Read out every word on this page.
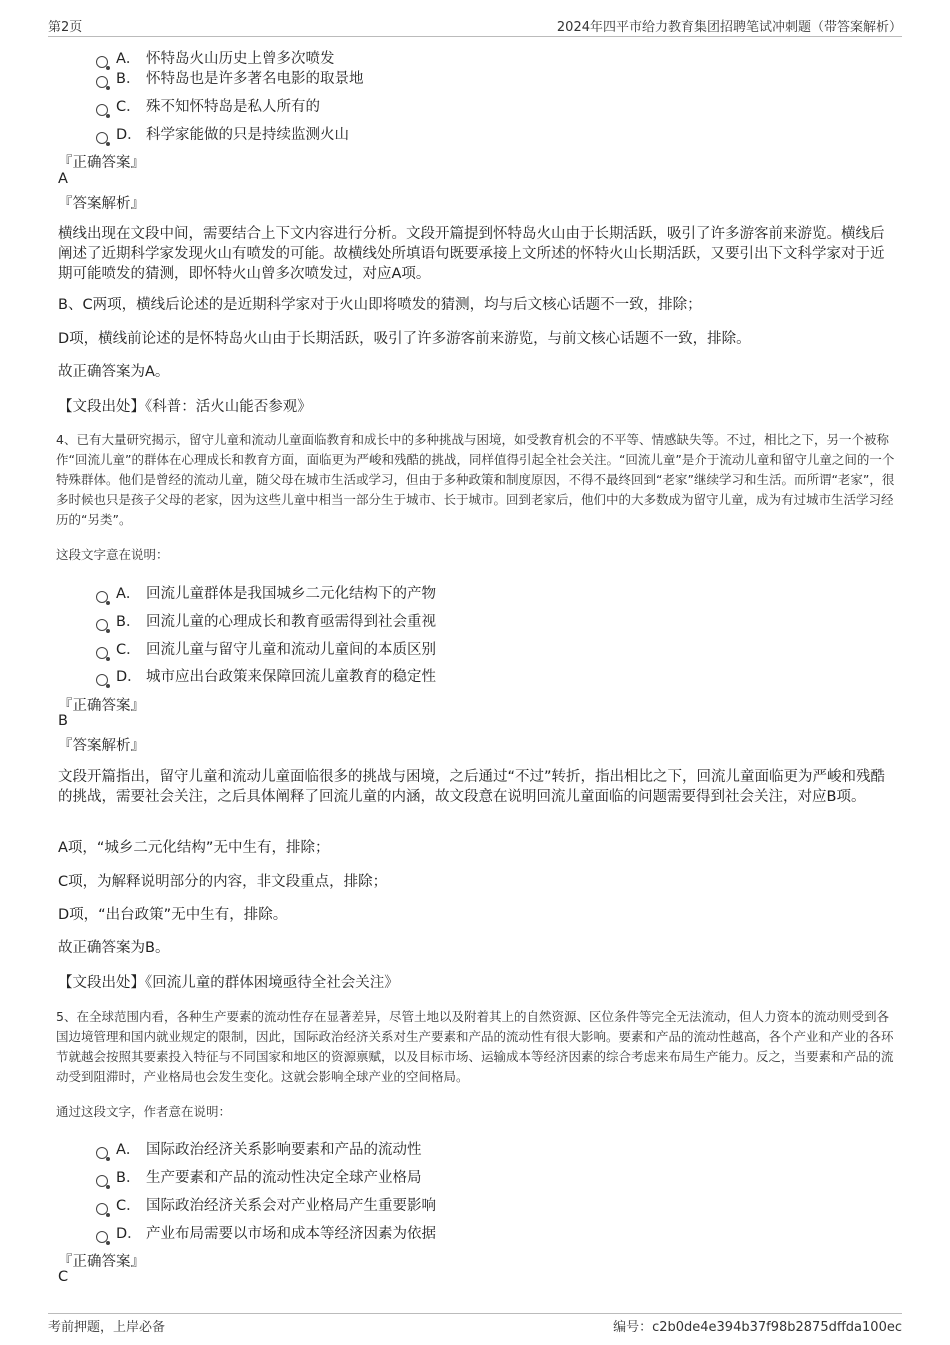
第2页	2024年四平市给力教育集团招聘笔试冲刺题（带答案解析）
A． 怀特岛火山历史上曾多次喷发
B． 怀特岛也是许多著名电影的取景地
C． 殊不知怀特岛是私人所有的
D． 科学家能做的只是持续监测火山
『正确答案』
A
『答案解析』
横线出现在文段中间，需要结合上下文内容进行分析。文段开篇提到怀特岛火山由于长期活跃，吸引了许多游客前来游览。横线后阐述了近期科学家发现火山有喷发的可能。故横线处所填语句既要承接上文所述的怀特火山长期活跃，又要引出下文科学家对于近期可能喷发的猜测，即怀特火山曾多次喷发过，对应A项。
B、C两项，横线后论述的是近期科学家对于火山即将喷发的猜测，均与后文核心话题不一致，排除；
D项，横线前论述的是怀特岛火山由于长期活跃，吸引了许多游客前来游览，与前文核心话题不一致，排除。
故正确答案为A。
【文段出处】《科普：活火山能否参观》
4、已有大量研究揭示，留守儿童和流动儿童面临教育和成长中的多种挑战与困境，如受教育机会的不平等、情感缺失等。不过，相比之下，另一个被称作“回流儿童”的群体在心理成长和教育方面，面临更为严峻和残酷的挑战，同样值得引起全社会关注。“回流儿童”是介于流动儿童和留守儿童之间的一个特殊群体。他们是曾经的流动儿童，随父母在城市生活或学习，但由于多种政策和制度原因，不得不最终回到“老家”继续学习和生活。而所谓“老家”，很多时候也只是孩子父母的老家，因为这些儿童中相当一部分生于城市、长于城市。回到老家后，他们中的大多数成为留守儿童，成为有过城市生活学习经历的“另类”。
这段文字意在说明：
A． 回流儿童群体是我国城乡二元化结构下的产物
B． 回流儿童的心理成长和教育亟需得到社会重视
C． 回流儿童与留守儿童和流动儿童间的本质区别
D． 城市应出台政策来保障回流儿童教育的稳定性
『正确答案』
B
『答案解析』
文段开篇指出，留守儿童和流动儿童面临很多的挑战与困境，之后通过“不过”转折，指出相比之下，回流儿童面临更为严峻和残酷的挑战，需要社会关注，之后具体阐释了回流儿童的内涵，故文段意在说明回流儿童面临的问题需要得到社会关注，对应B项。
A项，“城乡二元化结构”无中生有，排除；
C项，为解释说明部分的内容，非文段重点，排除；
D项，“出台政策”无中生有，排除。
故正确答案为B。
【文段出处】《回流儿童的群体困境亟待全社会关注》
5、在全球范围内看，各种生产要素的流动性存在显著差异，尽管土地以及附着其上的自然资源、区位条件等完全无法流动，但人力资本的流动则受到各国边境管理和国内就业规定的限制，因此，国际政治经济关系对生产要素和产品的流动性有很大影响。要素和产品的流动性越高，各个产业和产业的各环节就越会按照其要素投入特征与不同国家和地区的资源禀赋，以及目标市场、运输成本等经济因素的综合考虑来布局生产能力。反之，当要素和产品的流动受到阻滞时，产业格局也会发生变化。这就会影响全球产业的空间格局。
通过这段文字，作者意在说明：
A． 国际政治经济关系影响要素和产品的流动性
B． 生产要素和产品的流动性决定全球产业格局
C． 国际政治经济关系会对产业格局产生重要影响
D． 产业布局需要以市场和成本等经济因素为依据
『正确答案』
C
考前押题，上岸必备	编号：c2b0de4e394b37f98b2875dffda100ec
